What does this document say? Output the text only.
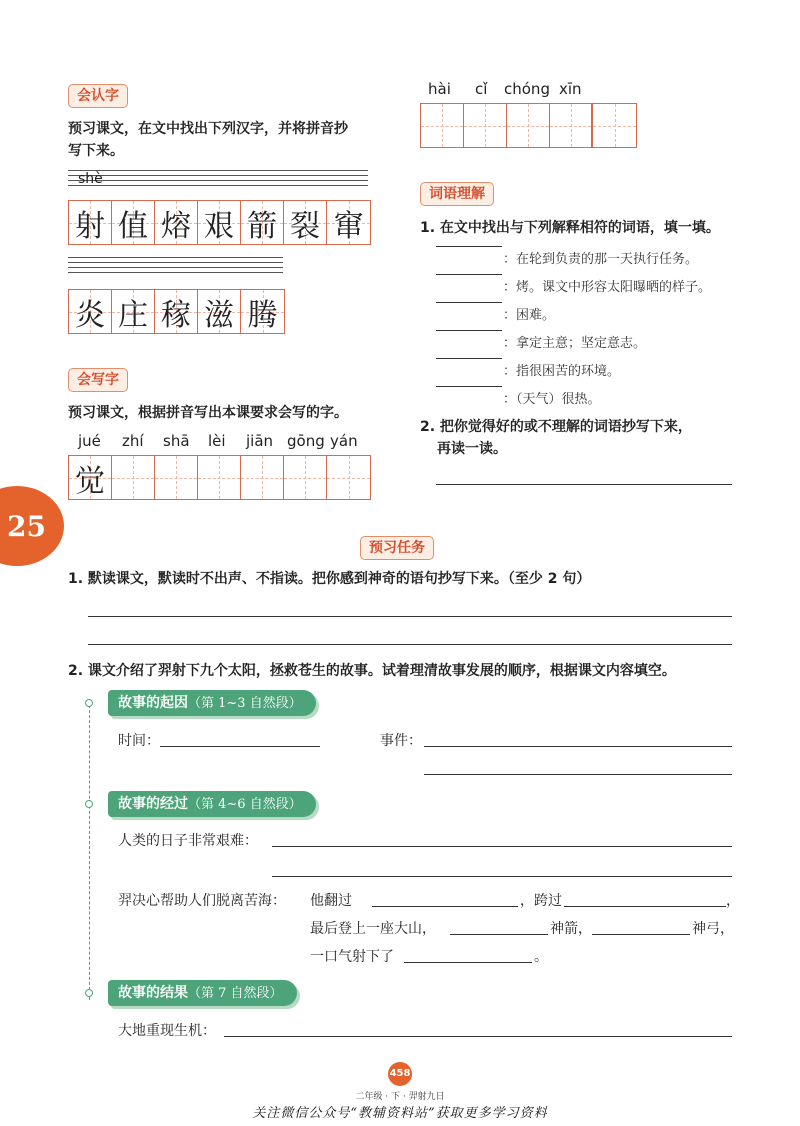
25
会认字
预习课文，在文中找出下列汉字，并将拼音抄
写下来。
shè
射 值 熔 艰 箭 裂 窜
炎 庄 稼 滋 腾
会写字
预习课文，根据拼音写出本课要求会写的字。
jué zhí shā lèi jiān gōng yán
觉
hài cǐ chóng xīn
词语理解
1. 在文中找出与下列解释相符的词语，填一填。
：在轮到负责的那一天执行任务。
：烤。课文中形容太阳曝晒的样子。
：困难。
：拿定主意；坚定意志。
：指很困苦的环境。
：（天气）很热。
2. 把你觉得好的或不理解的词语抄写下来，
再读一读。
预习任务
1. 默读课文，默读时不出声、不指读。把你感到神奇的语句抄写下来。（至少 2 句）
2. 课文介绍了羿射下九个太阳，拯救苍生的故事。试着理清故事发展的顺序，根据课文内容填空。
故事的起因（第 1~3 自然段）
时间：	事件：
故事的经过（第 4~6 自然段）
人类的日子非常艰难：
羿决心帮助人们脱离苦海： 他翻过	，跨过	，
最后登上一座大山，	神箭，	神弓，
一口气射下了	。
故事的结果（第 7 自然段）
大地重现生机：
458
二年级 · 下 · 羿射九日
关注微信公众号“教辅资料站”获取更多学习资料
